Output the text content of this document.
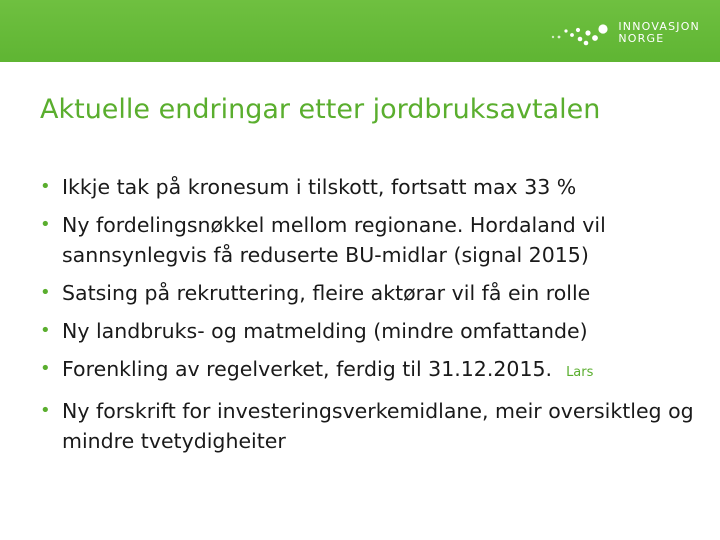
INNOVASJON
NORGE
Aktuelle endringar etter jordbruksavtalen
• Ikkje tak på kronesum i tilskott, fortsatt max 33 %
• Ny fordelingsnøkkel mellom regionane. Hordaland vil sannsynlegvis få reduserte BU-midlar (signal 2015)
• Satsing på rekruttering, fleire aktørar vil få ein rolle
• Ny landbruks- og matmelding (mindre omfattande)
• Forenkling av regelverket, ferdig til 31.12.2015. Lars
• Ny forskrift for investeringsverkemidlane, meir oversiktleg og mindre tvetydigheiter
